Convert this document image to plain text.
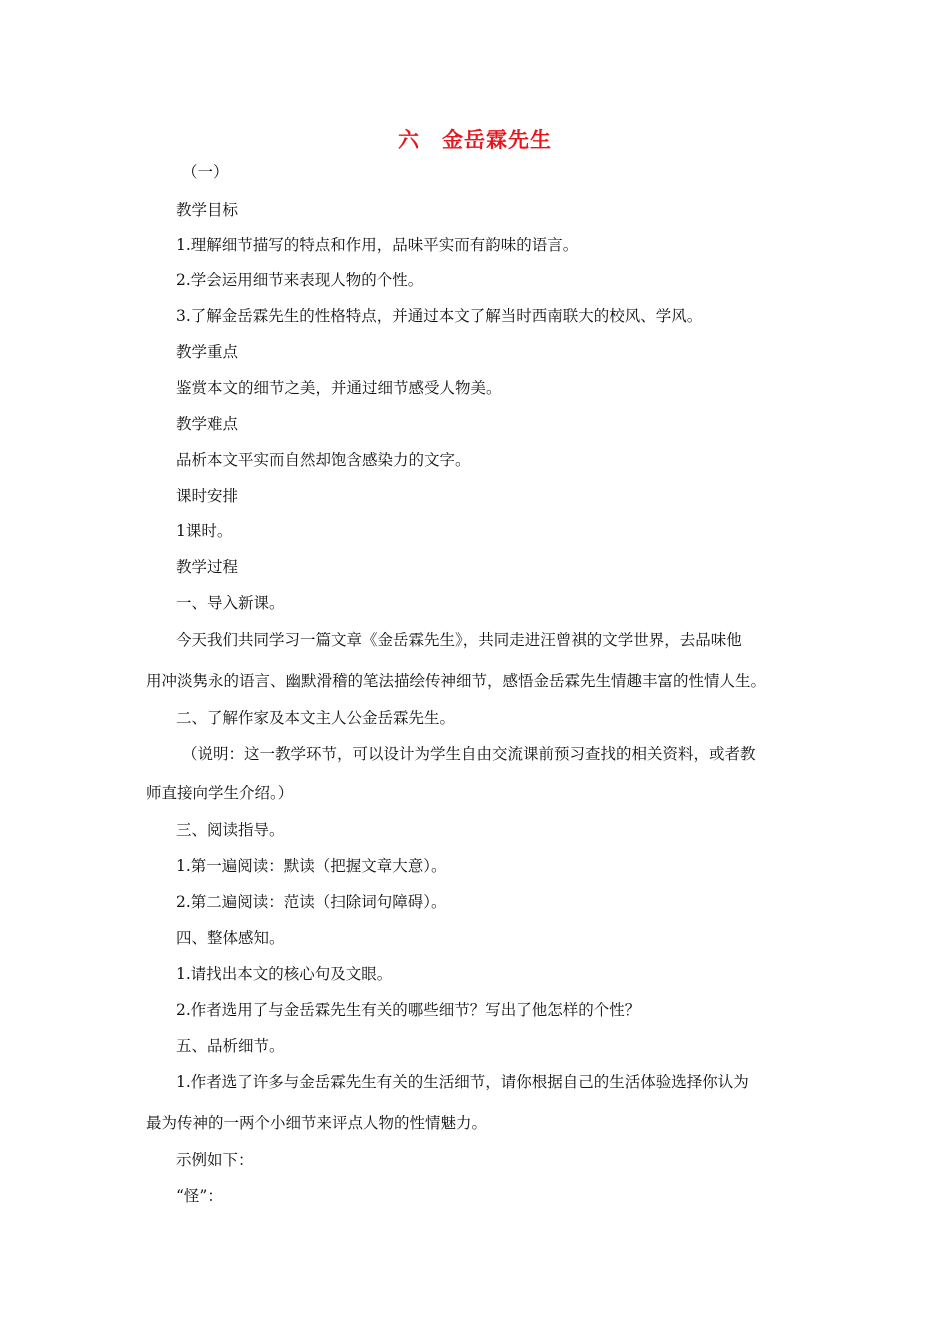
六 金岳霖先生
（一）
教学目标
1.理解细节描写的特点和作用，品味平实而有韵味的语言。
2.学会运用细节来表现人物的个性。
3.了解金岳霖先生的性格特点，并通过本文了解当时西南联大的校风、学风。
教学重点
鉴赏本文的细节之美，并通过细节感受人物美。
教学难点
品析本文平实而自然却饱含感染力的文字。
课时安排
1课时。
教学过程
一、导入新课。
今天我们共同学习一篇文章《金岳霖先生》，共同走进汪曾祺的文学世界，去品味他
用冲淡隽永的语言、幽默滑稽的笔法描绘传神细节，感悟金岳霖先生情趣丰富的性情人生。
二、了解作家及本文主人公金岳霖先生。
（说明：这一教学环节，可以设计为学生自由交流课前预习查找的相关资料，或者教
师直接向学生介绍。）
三、阅读指导。
1.第一遍阅读：默读（把握文章大意）。
2.第二遍阅读：范读（扫除词句障碍）。
四、整体感知。
1.请找出本文的核心句及文眼。
2.作者选用了与金岳霖先生有关的哪些细节？写出了他怎样的个性？
五、品析细节。
1.作者选了许多与金岳霖先生有关的生活细节，请你根据自己的生活体验选择你认为
最为传神的一两个小细节来评点人物的性情魅力。
示例如下：
“怪”：
